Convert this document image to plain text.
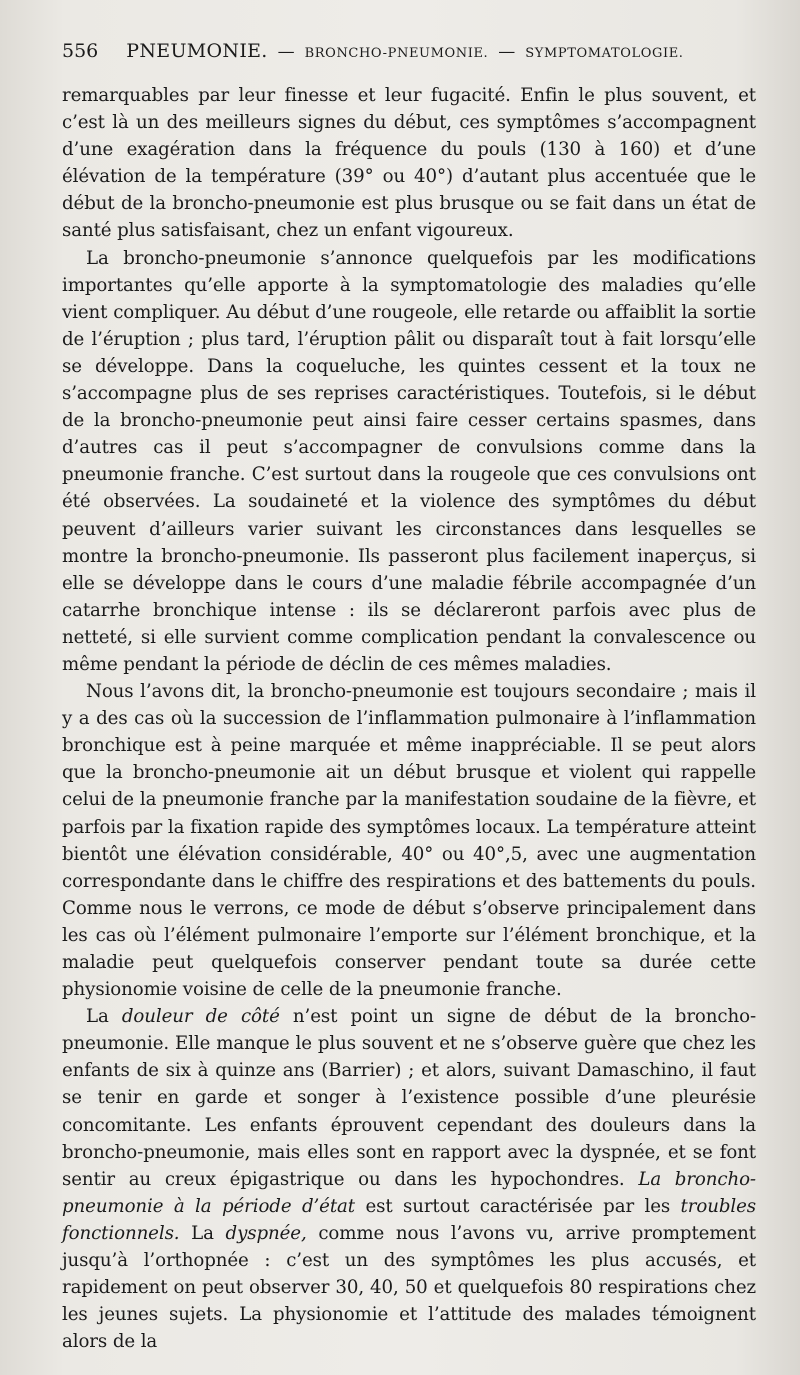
556 PNEUMONIE. — BRONCHO-PNEUMONIE. — SYMPTOMATOLOGIE.

remarquables par leur finesse et leur fugacité. Enfin le plus souvent, et c’est là un des meilleurs signes du début, ces symptômes s’accompagnent d’une exagération dans la fréquence du pouls (130 à 160) et d’une élévation de la température (39° ou 40°) d’autant plus accentuée que le début de la broncho-pneumonie est plus brusque ou se fait dans un état de santé plus satisfaisant, chez un enfant vigoureux.

La broncho-pneumonie s’annonce quelquefois par les modifications importantes qu’elle apporte à la symptomatologie des maladies qu’elle vient compliquer. Au début d’une rougeole, elle retarde ou affaiblit la sortie de l’éruption ; plus tard, l’éruption pâlit ou disparaît tout à fait lorsqu’elle se développe. Dans la coqueluche, les quintes cessent et la toux ne s’accompagne plus de ses reprises caractéristiques. Toutefois, si le début de la broncho-pneumonie peut ainsi faire cesser certains spasmes, dans d’autres cas il peut s’accompagner de convulsions comme dans la pneumonie franche. C’est surtout dans la rougeole que ces convulsions ont été observées. La soudaineté et la violence des symptômes du début peuvent d’ailleurs varier suivant les circonstances dans lesquelles se montre la broncho-pneumonie. Ils passeront plus facilement inaperçus, si elle se développe dans le cours d’une maladie fébrile accompagnée d’un catarrhe bronchique intense : ils se déclareront parfois avec plus de netteté, si elle survient comme complication pendant la convalescence ou même pendant la période de déclin de ces mêmes maladies.

Nous l’avons dit, la broncho-pneumonie est toujours secondaire ; mais il y a des cas où la succession de l’inflammation pulmonaire à l’inflammation bronchique est à peine marquée et même inappréciable. Il se peut alors que la broncho-pneumonie ait un début brusque et violent qui rappelle celui de la pneumonie franche par la manifestation soudaine de la fièvre, et parfois par la fixation rapide des symptômes locaux. La température atteint bientôt une élévation considérable, 40° ou 40°,5, avec une augmentation correspondante dans le chiffre des respirations et des battements du pouls. Comme nous le verrons, ce mode de début s’observe principalement dans les cas où l’élément pulmonaire l’emporte sur l’élément bronchique, et la maladie peut quelquefois conserver pendant toute sa durée cette physionomie voisine de celle de la pneumonie franche.

La douleur de côté n’est point un signe de début de la broncho-pneumonie. Elle manque le plus souvent et ne s’observe guère que chez les enfants de six à quinze ans (Barrier) ; et alors, suivant Damaschino, il faut se tenir en garde et songer à l’existence possible d’une pleurésie concomitante. Les enfants éprouvent cependant des douleurs dans la broncho-pneumonie, mais elles sont en rapport avec la dyspnée, et se font sentir au creux épigastrique ou dans les hypochondres. La broncho-pneumonie à la période d’état est surtout caractérisée par les troubles fonctionnels. La dyspnée, comme nous l’avons vu, arrive promptement jusqu’à l’orthopnée : c’est un des symptômes les plus accusés, et rapidement on peut observer 30, 40, 50 et quelquefois 80 respirations chez les jeunes sujets. La physionomie et l’attitude des malades témoignent alors de la
